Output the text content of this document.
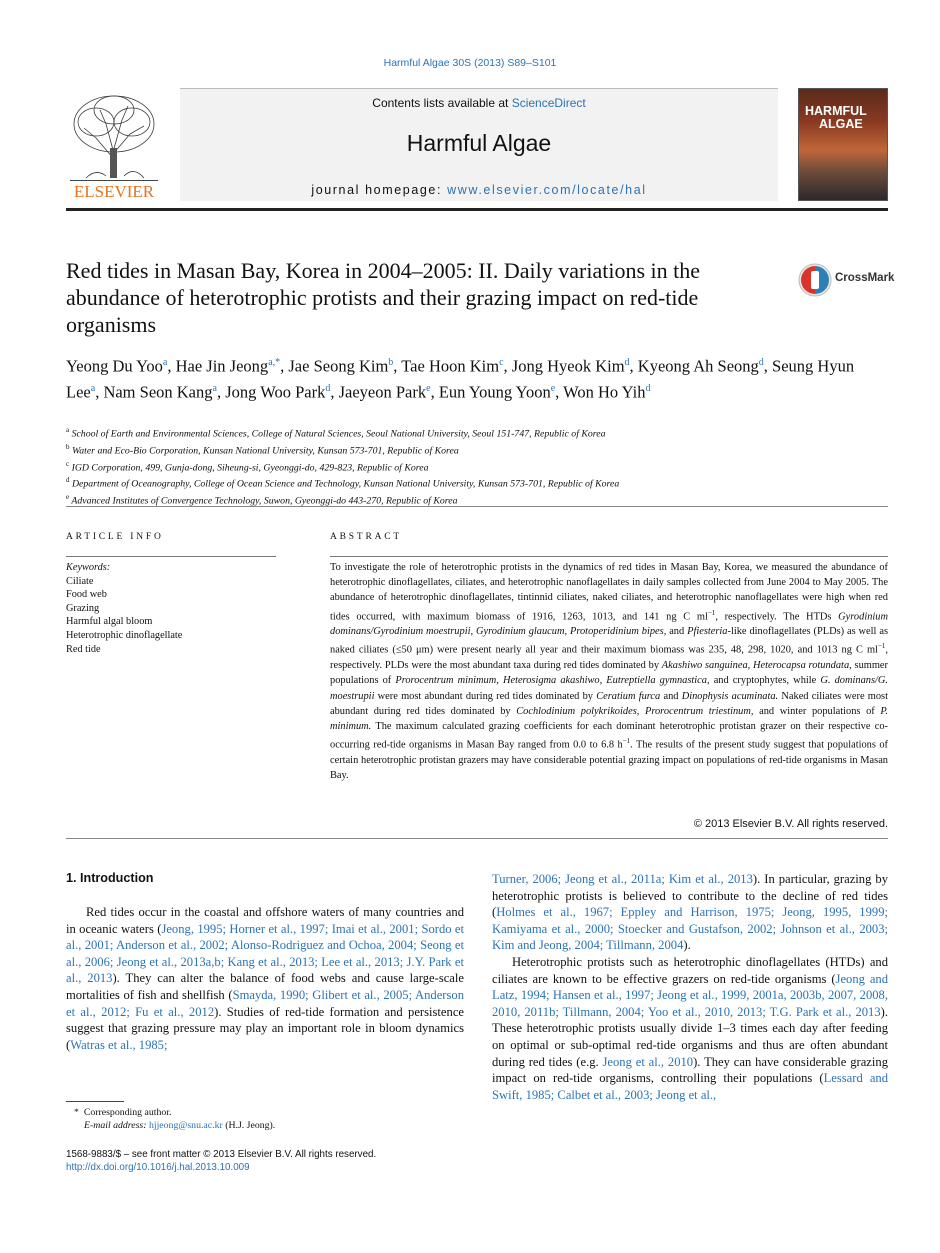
Harmful Algae 30S (2013) S89–S101
ELSEVIER
Contents lists available at ScienceDirect
Harmful Algae
journal homepage: www.elsevier.com/locate/hal
HARMFUL
ALGAE
Red tides in Masan Bay, Korea in 2004–2005: II. Daily variations in the abundance of heterotrophic protists and their grazing impact on red-tide organisms
CrossMark
Yeong Du Yoo$^a$, Hae Jin Jeong$^{a,*}$, Jae Seong Kim$^b$, Tae Hoon Kim$^c$, Jong Hyeok Kim$^d$, Kyeong Ah Seong$^d$, Seung Hyun Lee$^a$, Nam Seon Kang$^a$, Jong Woo Park$^d$, Jaeyeon Park$^e$, Eun Young Yoon$^e$, Won Ho Yih$^d$
$^a$ School of Earth and Environmental Sciences, College of Natural Sciences, Seoul National University, Seoul 151-747, Republic of Korea
$^b$ Water and Eco-Bio Corporation, Kunsan National University, Kunsan 573-701, Republic of Korea
$^c$ IGD Corporation, 499, Gunja-dong, Siheung-si, Gyeonggi-do, 429-823, Republic of Korea
$^d$ Department of Oceanography, College of Ocean Science and Technology, Kunsan National University, Kunsan 573-701, Republic of Korea
$^e$ Advanced Institutes of Convergence Technology, Suwon, Gyeonggi-do 443-270, Republic of Korea
ARTICLE INFO	ABSTRACT
Keywords:
Ciliate
Food web
Grazing
Harmful algal bloom
Heterotrophic dinoflagellate
Red tide
To investigate the role of heterotrophic protists in the dynamics of red tides in Masan Bay, Korea, we measured the abundance of heterotrophic dinoflagellates, ciliates, and heterotrophic nanoflagellates in daily samples collected from June 2004 to May 2005. The abundance of heterotrophic dinoflagellates, tintinnid ciliates, naked ciliates, and heterotrophic nanoflagellates were high when red tides occurred, with maximum biomass of 1916, 1263, 1013, and 141 ng C $ml^{-1}$, respectively. The HTDs Gyrodinium dominans/Gyrodinium moestrupii, Gyrodinium glaucum, Protoperidinium bipes, and Pfiesteria-like dinoflagellates (PLDs) as well as naked ciliates (≤50 μm) were present nearly all year and their maximum biomass was 235, 48, 298, 1020, and 1013 ng C $ml^{-1}$, respectively. PLDs were the most abundant taxa during red tides dominated by Akashiwo sanguinea, Heterocapsa rotundata, summer populations of Prorocentrum minimum, Heterosigma akashiwo, Eutreptiella gymnastica, and cryptophytes, while G. dominans/G. moestrupii were most abundant during red tides dominated by Ceratium furca and Dinophysis acuminata. Naked ciliates were most abundant during red tides dominated by Cochlodinium polykrikoides, Prorocentrum triestinum, and winter populations of P. minimum. The maximum calculated grazing coefficients for each dominant heterotrophic protistan grazer on their respective co-occurring red-tide organisms in Masan Bay ranged from 0.0 to 6.8 $h^{-1}$. The results of the present study suggest that populations of certain heterotrophic protistan grazers may have considerable potential grazing impact on populations of red-tide organisms in Masan Bay.
© 2013 Elsevier B.V. All rights reserved.
1. Introduction

Red tides occur in the coastal and offshore waters of many countries and in oceanic waters (Jeong, 1995; Horner et al., 1997; Imai et al., 2001; Sordo et al., 2001; Anderson et al., 2002; Alonso-Rodriguez and Ochoa, 2004; Seong et al., 2006; Jeong et al., 2013a,b; Kang et al., 2013; Lee et al., 2013; J.Y. Park et al., 2013). They can alter the balance of food webs and cause large-scale mortalities of fish and shellfish (Smayda, 1990; Glibert et al., 2005; Anderson et al., 2012; Fu et al., 2012). Studies of red-tide formation and persistence suggest that grazing pressure may play an important role in bloom dynamics (Watras et al., 1985;

Turner, 2006; Jeong et al., 2011a; Kim et al., 2013). In particular, grazing by heterotrophic protists is believed to contribute to the decline of red tides (Holmes et al., 1967; Eppley and Harrison, 1975; Jeong, 1995, 1999; Kamiyama et al., 2000; Stoecker and Gustafson, 2002; Johnson et al., 2003; Kim and Jeong, 2004; Tillmann, 2004).

Heterotrophic protists such as heterotrophic dinoflagellates (HTDs) and ciliates are known to be effective grazers on red-tide organisms (Jeong and Latz, 1994; Hansen et al., 1997; Jeong et al., 1999, 2001a, 2003b, 2007, 2008, 2010, 2011b; Tillmann, 2004; Yoo et al., 2010, 2013; T.G. Park et al., 2013). These heterotrophic protists usually divide 1–3 times each day after feeding on optimal or sub-optimal red-tide organisms and thus are often abundant during red tides (e.g. Jeong et al., 2010). They can have considerable grazing impact on red-tide organisms, controlling their populations (Lessard and Swift, 1985; Calbet et al., 2003; Jeong et al.,

* Corresponding author.
E-mail address: hjjeong@snu.ac.kr (H.J. Jeong).
1568-9883/$ – see front matter © 2013 Elsevier B.V. All rights reserved.
http://dx.doi.org/10.1016/j.hal.2013.10.009
